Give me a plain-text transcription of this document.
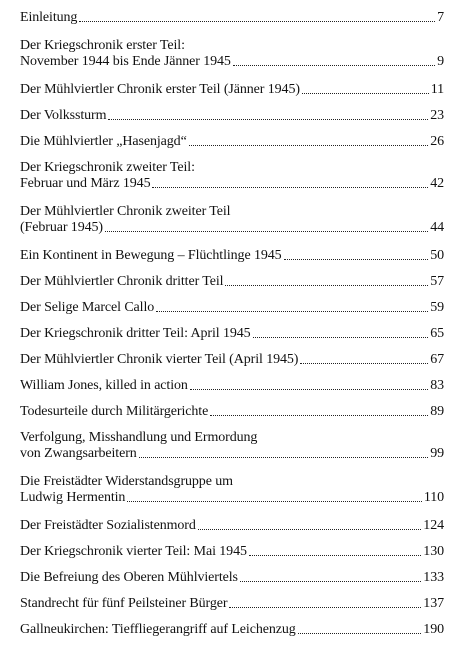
Einleitung	7
Der Kriegschronik erster Teil:
November 1944 bis Ende Jänner 1945	9
Der Mühlviertler Chronik erster Teil (Jänner 1945)	11
Der Volkssturm	23
Die Mühlviertler „Hasenjagd“	26
Der Kriegschronik zweiter Teil:
Februar und März 1945	42
Der Mühlviertler Chronik zweiter Teil
(Februar 1945)	44
Ein Kontinent in Bewegung – Flüchtlinge 1945	50
Der Mühlviertler Chronik dritter Teil	57
Der Selige Marcel Callo	59
Der Kriegschronik dritter Teil: April 1945	65
Der Mühlviertler Chronik vierter Teil (April 1945)	67
William Jones, killed in action	83
Todesurteile durch Militärgerichte	89
Verfolgung, Misshandlung und Ermordung
von Zwangsarbeitern	99
Die Freistädter Widerstandsgruppe um
Ludwig Hermentin	110
Der Freistädter Sozialistenmord	124
Der Kriegschronik vierter Teil: Mai 1945	130
Die Befreiung des Oberen Mühlviertels	133
Standrecht für fünf Peilsteiner Bürger	137
Gallneukirchen: Tieffliegerangriff auf Leichenzug	190
